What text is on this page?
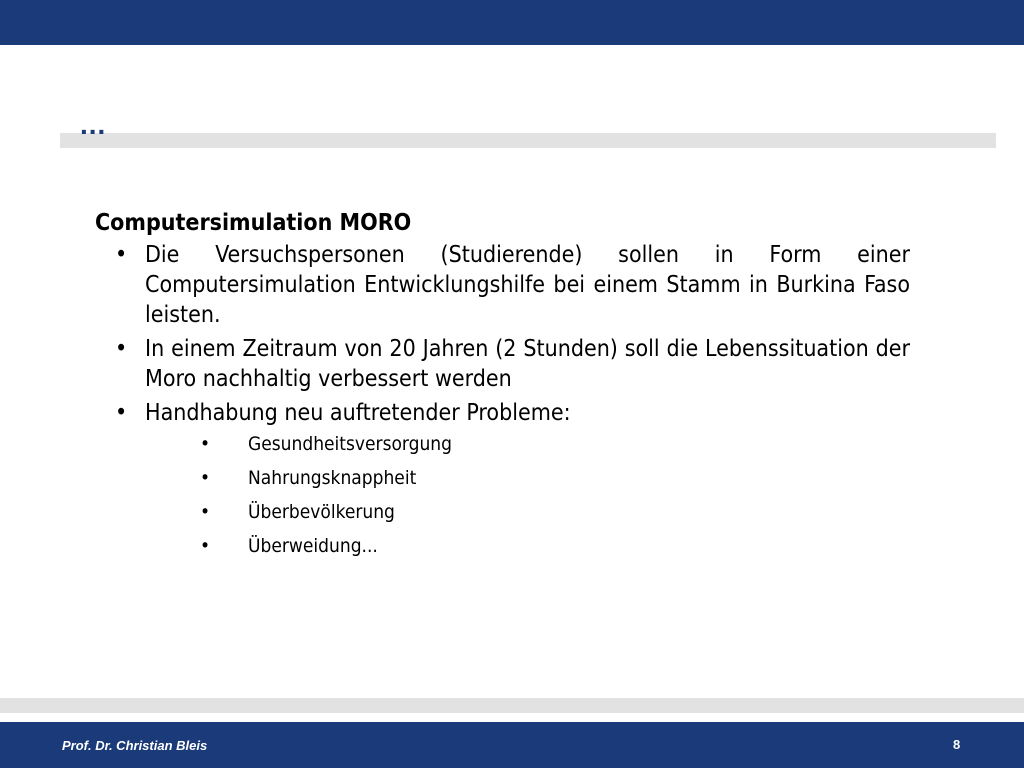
...
Computersimulation MORO
• Die Versuchspersonen (Studierende) sollen in Form einer Computersimulation Entwicklungshilfe bei einem Stamm in Burkina Faso leisten.
• In einem Zeitraum von 20 Jahren (2 Stunden) soll die Lebenssituation der Moro nachhaltig verbessert werden
• Handhabung neu auftretender Probleme:
• Gesundheitsversorgung
• Nahrungsknappheit
• Überbevölkerung
• Überweidung...
Prof. Dr. Christian Bleis	8
